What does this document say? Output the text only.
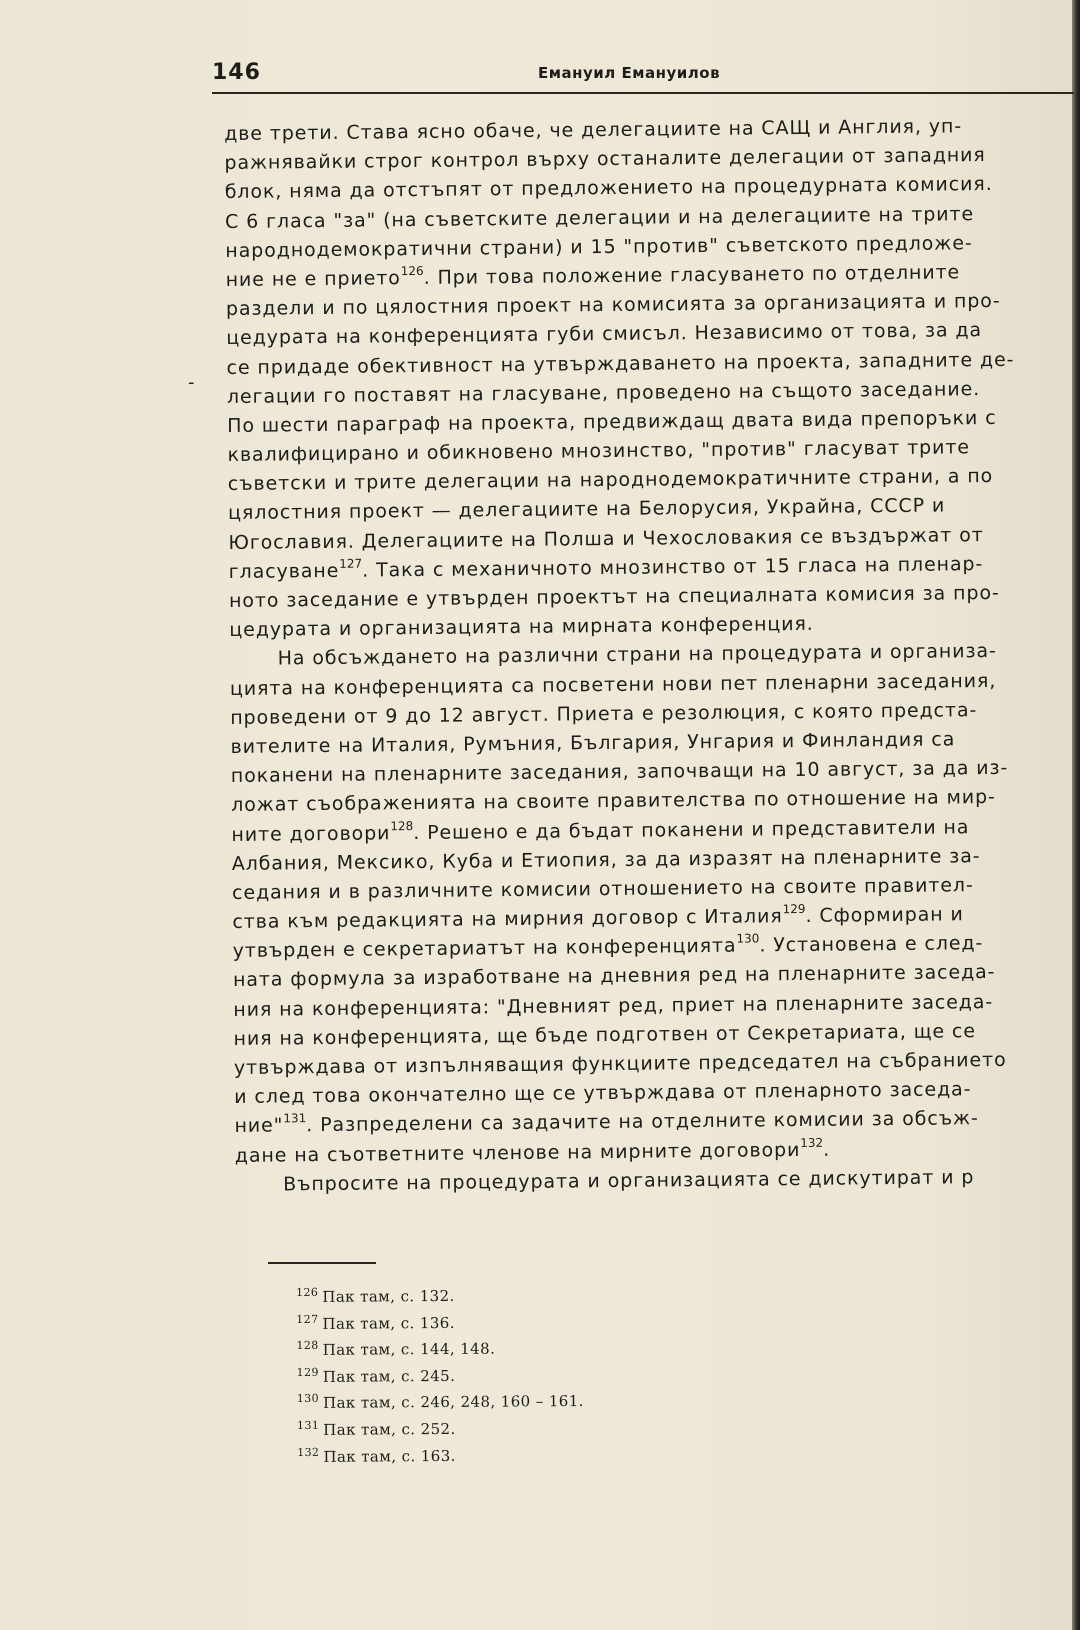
146	Емануил Емануилов
-
две трети. Става ясно обаче, че делегациите на САЩ и Англия, уп-
ражнявайки строг контрол върху останалите делегации от западния
блок, няма да отстъпят от предложението на процедурната комисия.
С 6 гласа "за" (на съветските делегации и на делегациите на трите
народнодемократични страни) и 15 "против" съветското предложе-
ние не е прието$^{126}$. При това положение гласуването по отделните
раздели и по цялостния проект на комисията за организацията и про-
цедурата на конференцията губи смисъл. Независимо от това, за да
се придаде обективност на утвърждаването на проекта, западните де-
легации го поставят на гласуване, проведено на същото заседание.
По шести параграф на проекта, предвиждащ двата вида препоръки с
квалифицирано и обикновено мнозинство, "против" гласуват трите
съветски и трите делегации на народнодемократичните страни, а по
цялостния проект — делегациите на Белорусия, Украйна, СССР и
Югославия. Делегациите на Полша и Чехословакия се въздържат от
гласуване$^{127}$. Така с механичното мнозинство от 15 гласа на пленар-
ното заседание е утвърден проектът на специалната комисия за про-
цедурата и организацията на мирната конференция.
На обсъждането на различни страни на процедурата и организа-
цията на конференцията са посветени нови пет пленарни заседания,
проведени от 9 до 12 август. Приета е резолюция, с която предста-
вителите на Италия, Румъния, България, Унгария и Финландия са
поканени на пленарните заседания, започващи на 10 август, за да из-
ложат съображенията на своите правителства по отношение на мир-
ните договори$^{128}$. Решено е да бъдат поканени и представители на
Албания, Мексико, Куба и Етиопия, за да изразят на пленарните за-
седания и в различните комисии отношението на своите правител-
ства към редакцията на мирния договор с Италия$^{129}$. Сформиран и
утвърден е секретариатът на конференцията$^{130}$. Установена е след-
ната формула за изработване на дневния ред на пленарните заседа-
ния на конференцията: "Дневният ред, приет на пленарните заседа-
ния на конференцията, ще бъде подготвен от Секретариата, ще се
утвърждава от изпълняващия функциите председател на събранието
и след това окончателно ще се утвърждава от пленарното заседа-
ние"$^{131}$. Разпределени са задачите на отделните комисии за обсъж-
дане на съответните членове на мирните договори$^{132}$.
Въпросите на процедурата и организацията се дискутират и р
$^{126}$ Пак там, с. 132.
$^{127}$ Пак там, с. 136.
$^{128}$ Пак там, с. 144, 148.
$^{129}$ Пак там, с. 245.
$^{130}$ Пак там, с. 246, 248, 160 – 161.
$^{131}$ Пак там, с. 252.
$^{132}$ Пак там, с. 163.
